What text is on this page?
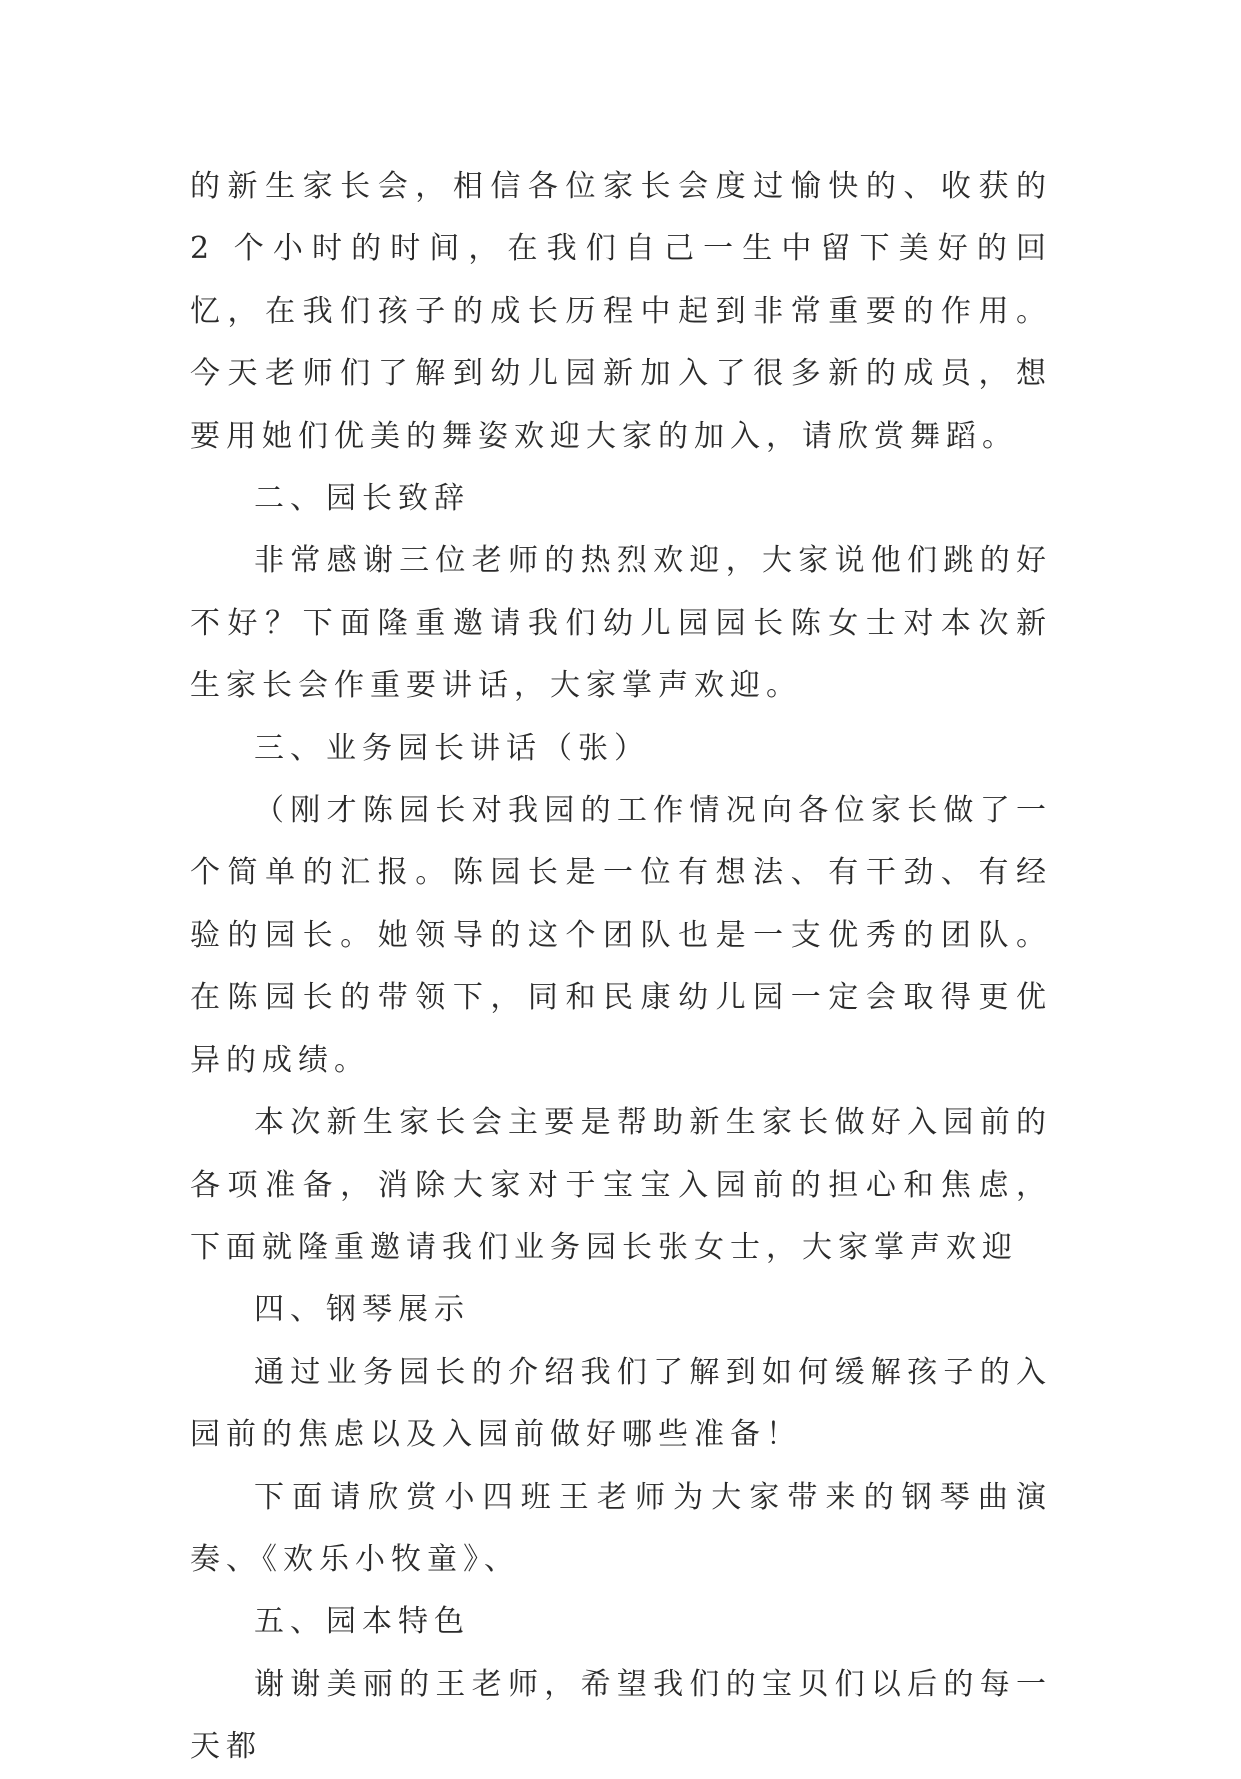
的新生家长会，相信各位家长会度过愉快的、收获的 2 个小时的时间，在我们自己一生中留下美好的回忆，在我们孩子的成长历程中起到非常重要的作用。今天老师们了解到幼儿园新加入了很多新的成员，想要用她们优美的舞姿欢迎大家的加入，请欣赏舞蹈。

二、园长致辞

非常感谢三位老师的热烈欢迎，大家说他们跳的好不好？下面隆重邀请我们幼儿园园长陈女士对本次新生家长会作重要讲话，大家掌声欢迎。

三、业务园长讲话（张）

（刚才陈园长对我园的工作情况向各位家长做了一个简单的汇报。陈园长是一位有想法、有干劲、有经验的园长。她领导的这个团队也是一支优秀的团队。在陈园长的带领下，同和民康幼儿园一定会取得更优异的成绩。

本次新生家长会主要是帮助新生家长做好入园前的各项准备，消除大家对于宝宝入园前的担心和焦虑，下面就隆重邀请我们业务园长张女士，大家掌声欢迎

四、钢琴展示

通过业务园长的介绍我们了解到如何缓解孩子的入园前的焦虑以及入园前做好哪些准备！

下面请欣赏小四班王老师为大家带来的钢琴曲演奏、《欢乐小牧童》、

五、园本特色

谢谢美丽的王老师，希望我们的宝贝们以后的每一天都
